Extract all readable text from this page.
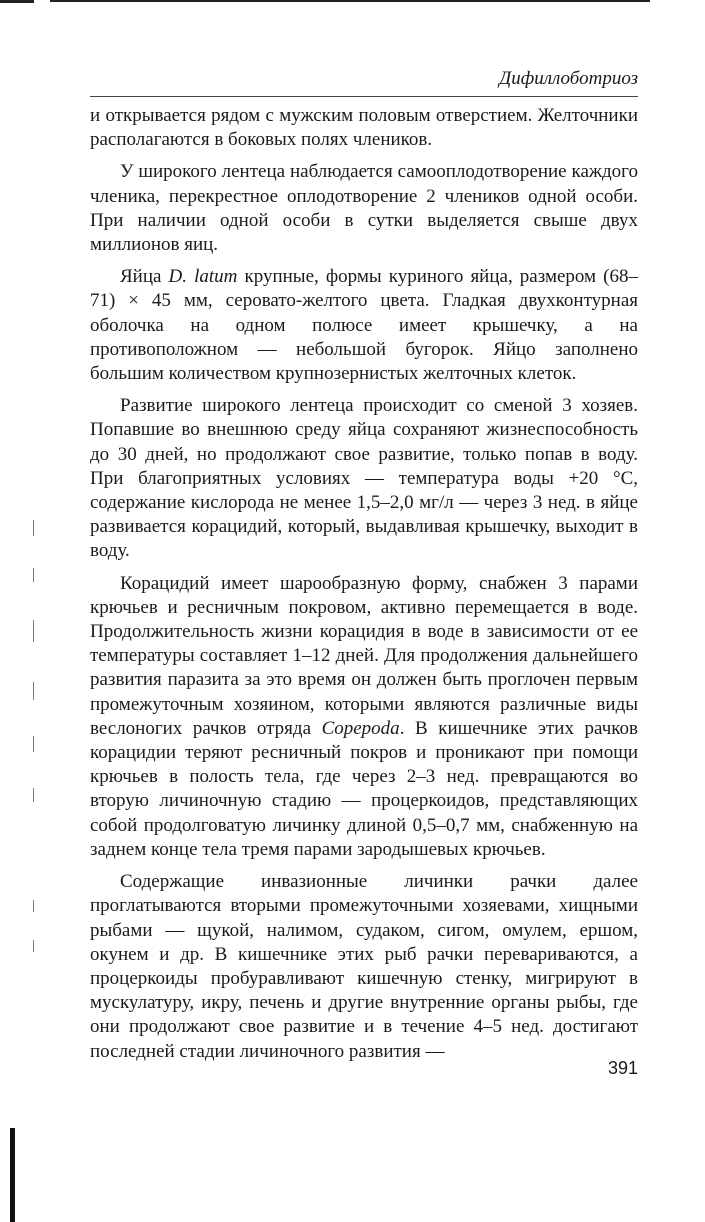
Дифиллоботриоз

и открывается рядом с мужским половым отверстием. Желточники располагаются в боковых полях члеников.

У широкого лентеца наблюдается самооплодотворение каждого членика, перекрестное оплодотворение 2 члеников одной особи. При наличии одной особи в сутки выделяется свыше двух миллионов яиц.

Яйца D. latum крупные, формы куриного яйца, размером (68–71) × 45 мм, серовато-желтого цвета. Гладкая двухконтурная оболочка на одном полюсе имеет крышечку, а на противоположном — небольшой бугорок. Яйцо заполнено большим количеством крупнозернистых желточных клеток.

Развитие широкого лентеца происходит со сменой 3 хозяев. Попавшие во внешнюю среду яйца сохраняют жизнеспособность до 30 дней, но продолжают свое развитие, только попав в воду. При благоприятных условиях — температура воды +20 °С, содержание кислорода не менее 1,5–2,0 мг/л — через 3 нед. в яйце развивается корацидий, который, выдавливая крышечку, выходит в воду.

Корацидий имеет шарообразную форму, снабжен 3 парами крючьев и ресничным покровом, активно перемещается в воде. Продолжительность жизни корацидия в воде в зависимости от ее температуры составляет 1–12 дней. Для продолжения дальнейшего развития паразита за это время он должен быть проглочен первым промежуточным хозяином, которыми являются различные виды веслоногих рачков отряда Copepoda. В кишечнике этих рачков корацидии теряют ресничный покров и проникают при помощи крючьев в полость тела, где через 2–3 нед. превращаются во вторую личиночную стадию — процеркоидов, представляющих собой продолговатую личинку длиной 0,5–0,7 мм, снабженную на заднем конце тела тремя парами зародышевых крючьев.

Содержащие инвазионные личинки рачки далее проглатываются вторыми промежуточными хозяевами, хищными рыбами — щукой, налимом, судаком, сигом, омулем, ершом, окунем и др. В кишечнике этих рыб рачки перевариваются, а процеркоиды пробуравливают кишечную стенку, мигрируют в мускулатуру, икру, печень и другие внутренние органы рыбы, где они продолжают свое развитие и в течение 4–5 нед. достигают последней стадии личиночного развития —

391
